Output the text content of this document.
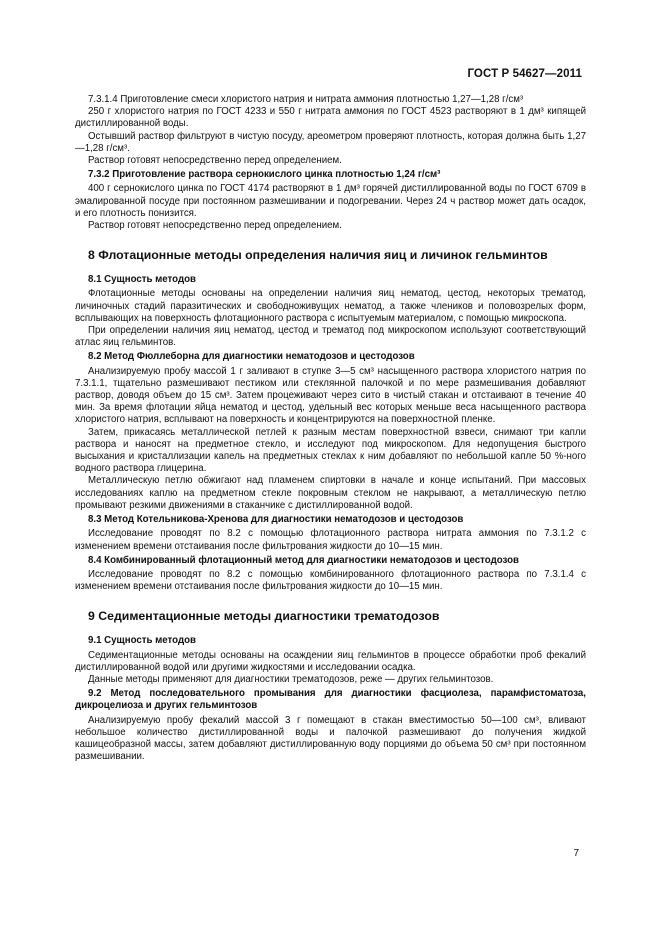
ГОСТ Р 54627—2011
7.3.1.4 Приготовление смеси хлористого натрия и нитрата аммония плотностью 1,27—1,28 г/см³
250 г хлористого натрия по ГОСТ 4233 и 550 г нитрата аммония по ГОСТ 4523 растворяют в 1 дм³ кипящей дистиллированной воды.
Остывший раствор фильтруют в чистую посуду, ареометром проверяют плотность, которая должна быть 1,27—1,28 г/см³.
Раствор готовят непосредственно перед определением.
7.3.2 Приготовление раствора сернокислого цинка плотностью 1,24 г/см³
400 г сернокислого цинка по ГОСТ 4174 растворяют в 1 дм³ горячей дистиллированной воды по ГОСТ 6709 в эмалированной посуде при постоянном размешивании и подогревании. Через 24 ч раствор может дать осадок, и его плотность понизится.
Раствор готовят непосредственно перед определением.
8 Флотационные методы определения наличия яиц и личинок гельминтов
8.1 Сущность методов
Флотационные методы основаны на определении наличия яиц нематод, цестод, некоторых трематод, личиночных стадий паразитических и свободноживущих нематод, а также члеников и половозрелых форм, всплывающих на поверхность флотационного раствора с испытуемым материалом, с помощью микроскопа.
При определении наличия яиц нематод, цестод и трематод под микроскопом используют соответствующий атлас яиц гельминтов.
8.2 Метод Фюллеборна для диагностики нематодозов и цестодозов
Анализируемую пробу массой 1 г заливают в ступке 3—5 см³ насыщенного раствора хлористого натрия по 7.3.1.1, тщательно размешивают пестиком или стеклянной палочкой и по мере размешивания добавляют раствор, доводя объем до 15 см³. Затем процеживают через сито в чистый стакан и отстаивают в течение 40 мин. За время флотации яйца нематод и цестод, удельный вес которых меньше веса насыщенного раствора хлористого натрия, всплывают на поверхность и концентрируются на поверхностной пленке.
Затем, прикасаясь металлической петлей к разным местам поверхностной взвеси, снимают три капли раствора и наносят на предметное стекло, и исследуют под микроскопом. Для недопущения быстрого высыхания и кристаллизации капель на предметных стеклах к ним добавляют по небольшой капле 50 %-ного водного раствора глицерина.
Металлическую петлю обжигают над пламенем спиртовки в начале и конце испытаний. При массовых исследованиях каплю на предметном стекле покровным стеклом не накрывают, а металлическую петлю промывают резкими движениями в стаканчике с дистиллированной водой.
8.3 Метод Котельникова-Хренова для диагностики нематодозов и цестодозов
Исследование проводят по 8.2 с помощью флотационного раствора нитрата аммония по 7.3.1.2 с изменением времени отстаивания после фильтрования жидкости до 10—15 мин.
8.4 Комбинированный флотационный метод для диагностики нематодозов и цестодозов
Исследование проводят по 8.2 с помощью комбинированного флотационного раствора по 7.3.1.4 с изменением времени отстаивания после фильтрования жидкости до 10—15 мин.
9 Седиментационные методы диагностики трематодозов
9.1 Сущность методов
Седиментационные методы основаны на осаждении яиц гельминтов в процессе обработки проб фекалий дистиллированной водой или другими жидкостями и исследовании осадка.
Данные методы применяют для диагностики трематодозов, реже — других гельминтозов.
9.2 Метод последовательного промывания для диагностики фасциолеза, парамфистоматоза, дикроцелиоза и других гельминтозов
Анализируемую пробу фекалий массой 3 г помещают в стакан вместимостью 50—100 см³, вливают небольшое количество дистиллированной воды и палочкой размешивают до получения жидкой кашицеобразной массы, затем добавляют дистиллированную воду порциями до объема 50 см³ при постоянном размешивании.
7
